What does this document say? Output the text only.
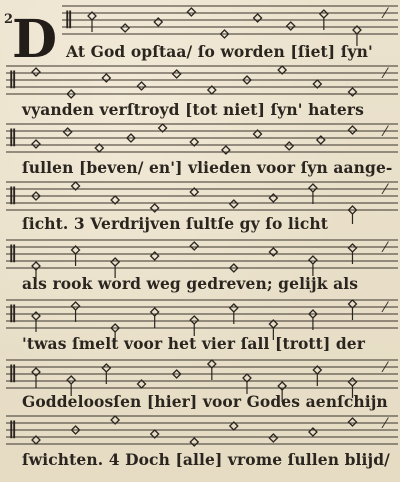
2
D ‖	⁄
At God opſtaa/ ſo worden [ſiet] ſyn'
‖	⁄
vyanden verſtroyd [tot niet] ſyn' haters
‖	⁄
ſullen [beven/ en'] vlieden voor ſyn aange-
‖	⁄
ſicht. 3 Verdrijven ſultſe gy ſo licht
‖	⁄
als rook word weg gedreven; gelijk als
‖	⁄
'twas ſmelt voor het vier ſall [trott] der
‖	⁄
Goddeloosſen [hier] voor Godes aenſchijn
‖	⁄
ſwichten. 4 Doch [alle] vrome ſullen blijd/
